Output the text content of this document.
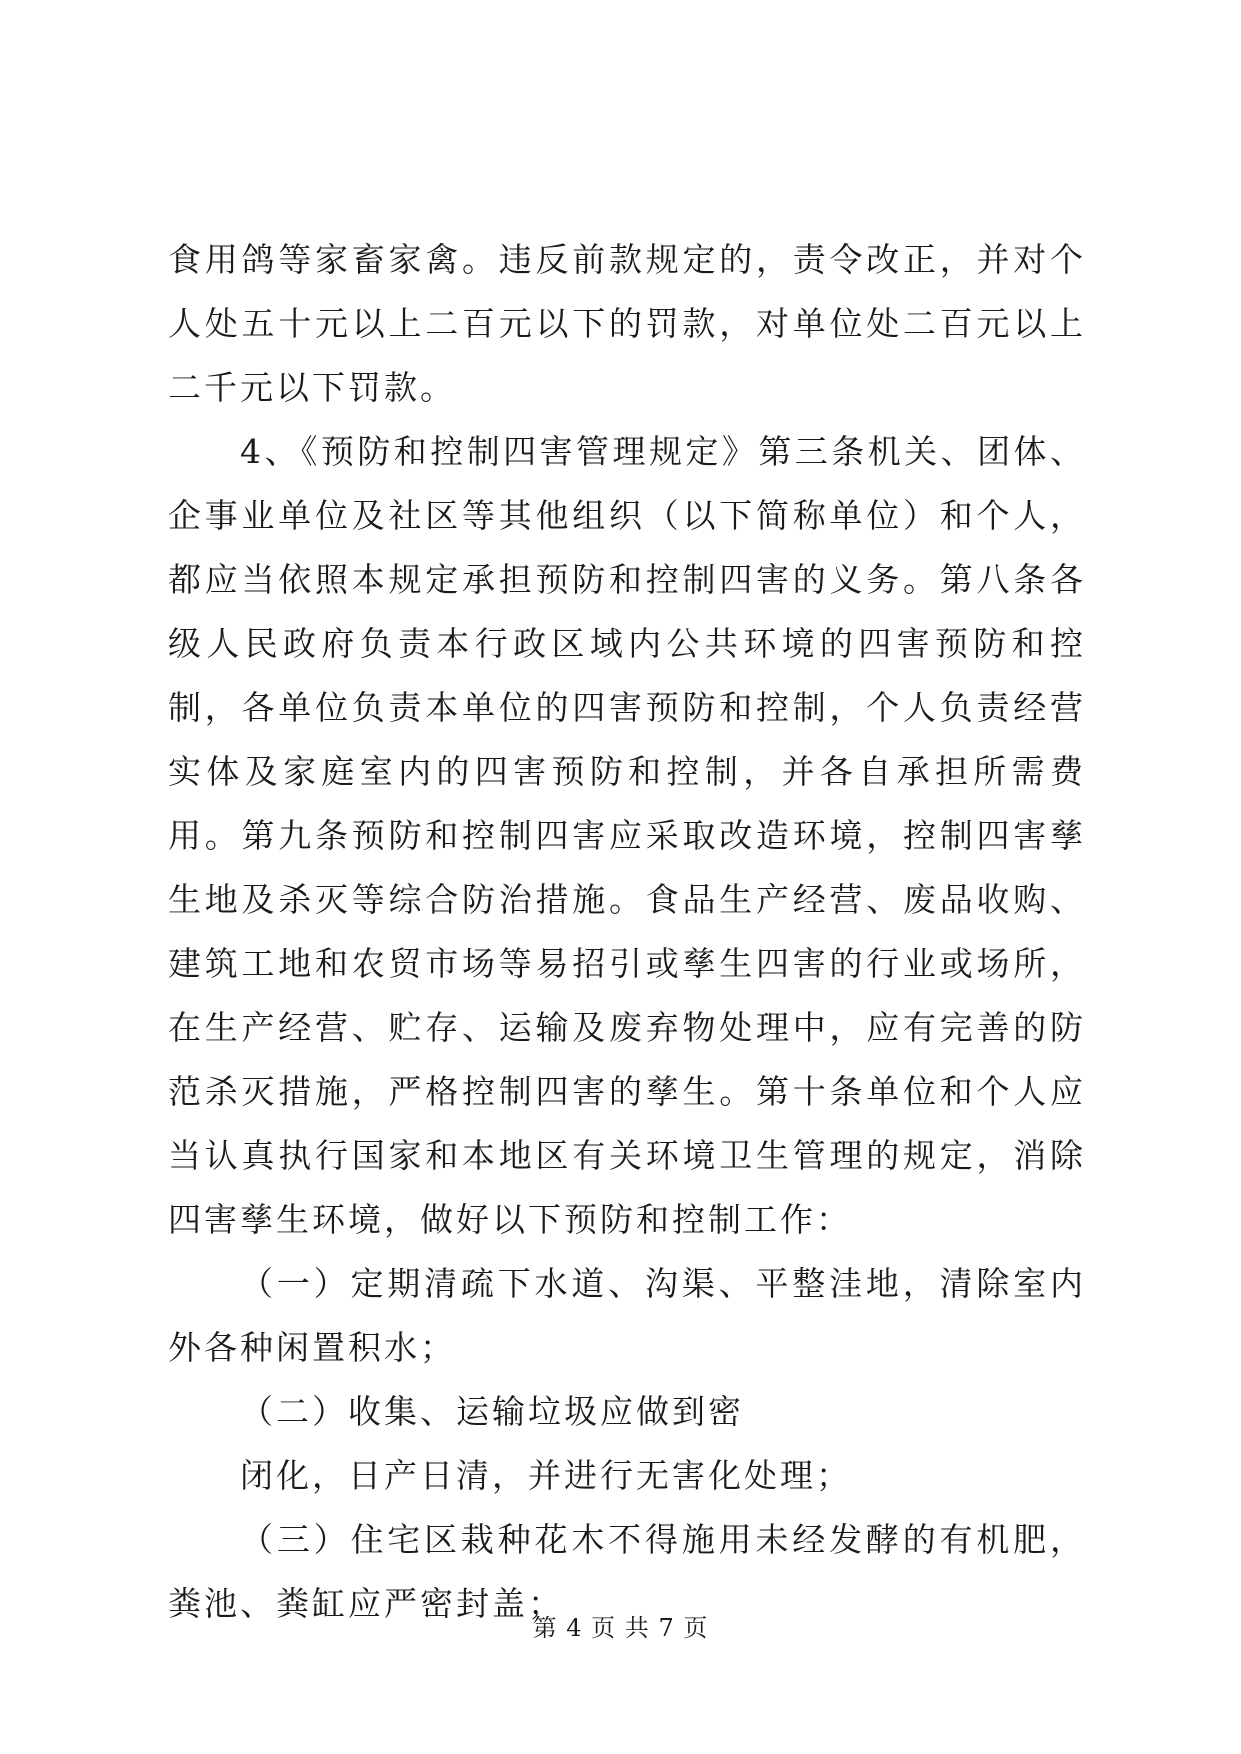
食用鸽等家畜家禽。违反前款规定的，责令改正，并对个人处五十元以上二百元以下的罚款，对单位处二百元以上二千元以下罚款。

4、《预防和控制四害管理规定》第三条机关、团体、企事业单位及社区等其他组织（以下简称单位）和个人，都应当依照本规定承担预防和控制四害的义务。第八条各级人民政府负责本行政区域内公共环境的四害预防和控制，各单位负责本单位的四害预防和控制，个人负责经营实体及家庭室内的四害预防和控制，并各自承担所需费用。第九条预防和控制四害应采取改造环境，控制四害孳生地及杀灭等综合防治措施。食品生产经营、废品收购、建筑工地和农贸市场等易招引或孳生四害的行业或场所，在生产经营、贮存、运输及废弃物处理中，应有完善的防范杀灭措施，严格控制四害的孳生。第十条单位和个人应当认真执行国家和本地区有关环境卫生管理的规定，消除四害孳生环境，做好以下预防和控制工作：

（一）定期清疏下水道、沟渠、平整洼地，清除室内外各种闲置积水；

（二）收集、运输垃圾应做到密

闭化，日产日清，并进行无害化处理；

（三）住宅区栽种花木不得施用未经发酵的有机肥，粪池、粪缸应严密封盖；

第 4 页 共 7 页
